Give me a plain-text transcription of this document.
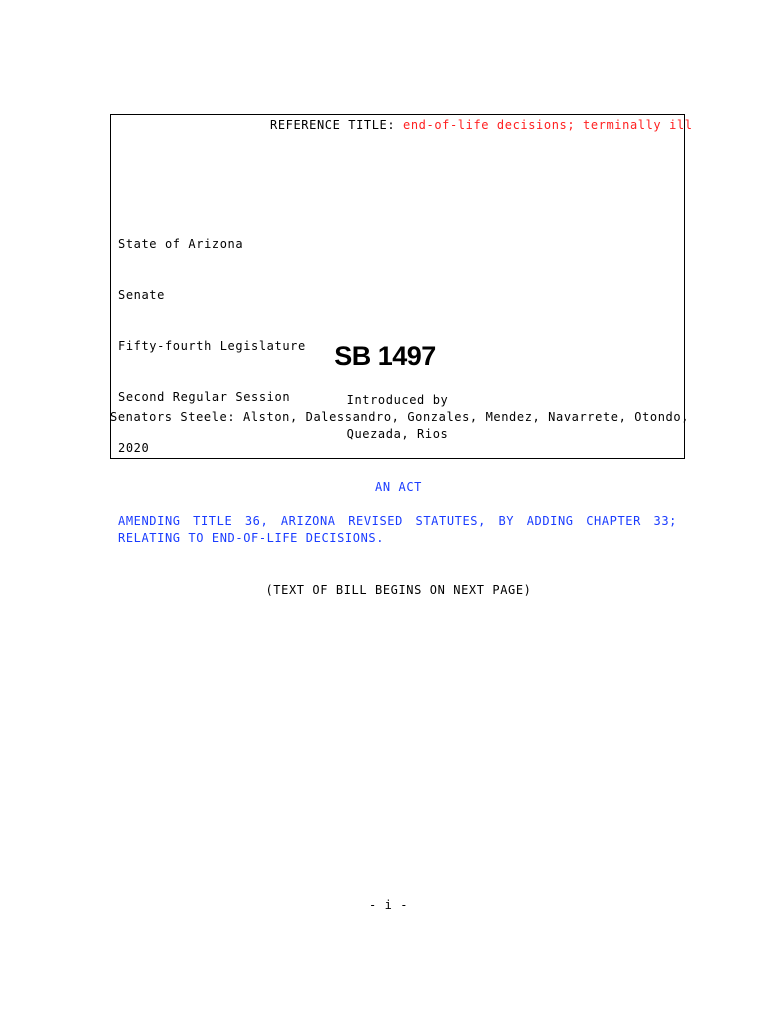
REFERENCE TITLE: end-of-life decisions; terminally ill

State of Arizona

Senate

Fifty-fourth Legislature

Second Regular Session

2020

SB 1497
Introduced by
Senators Steele: Alston, Dalessandro, Gonzales, Mendez, Navarrete, Otondo,
Quezada, Rios
AN ACT
AMENDING TITLE 36, ARIZONA REVISED STATUTES, BY ADDING CHAPTER 33;
RELATING TO END-OF-LIFE DECISIONS.
(TEXT OF BILL BEGINS ON NEXT PAGE)
- i -
